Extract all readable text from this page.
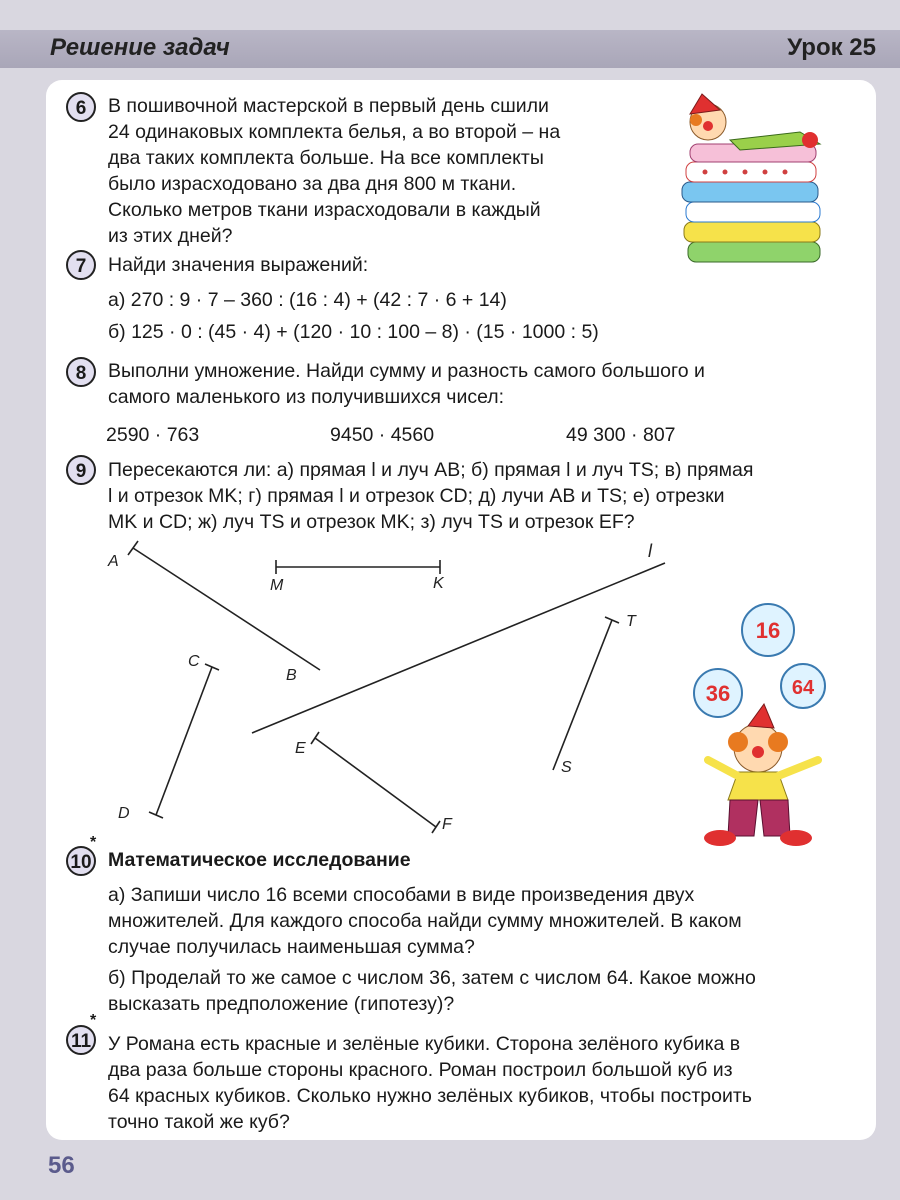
Решение задач	Урок 25
6	В пошивочной мастерской в первый день сшили
24 одинаковых комплекта белья, а во второй – на
два таких комплекта больше. На все комплекты
было израсходовано за два дня 800 м ткани.
Сколько метров ткани израсходовали в каждый
из этих дней?
7	Найди значения выражений:
а) 270 : 9 · 7 – 360 : (16 : 4) + (42 : 7 · 6 + 14)
б) 125 · 0 : (45 · 4) + (120 · 10 : 100 – 8) · (15 · 1000 : 5)
8	Выполни умножение. Найди сумму и разность самого большого и
самого маленького из получившихся чисел:
2590 · 763	9450 · 4560	49 300 · 807
9	Пересекаются ли: а) прямая l и луч AB; б) прямая l и луч TS; в) прямая
l и отрезок MK; г) прямая l и отрезок CD; д) лучи AB и TS; е) отрезки
MK и CD; ж) луч TS и отрезок MK; з) луч TS и отрезок EF?
A
B
M	K
l
T
C
D
E
F
S
16
36	64
*
10 Математическое исследование
а) Запиши число 16 всеми способами в виде произведения двух
множителей. Для каждого способа найди сумму множителей. В каком
случае получилась наименьшая сумма?
б) Проделай то же самое с числом 36, затем с числом 64. Какое можно
высказать предположение (гипотезу)?
*
11 У Романа есть красные и зелёные кубики. Сторона зелёного кубика в
два раза больше стороны красного. Роман построил большой куб из
64 красных кубиков. Сколько нужно зелёных кубиков, чтобы построить
точно такой же куб?
56
